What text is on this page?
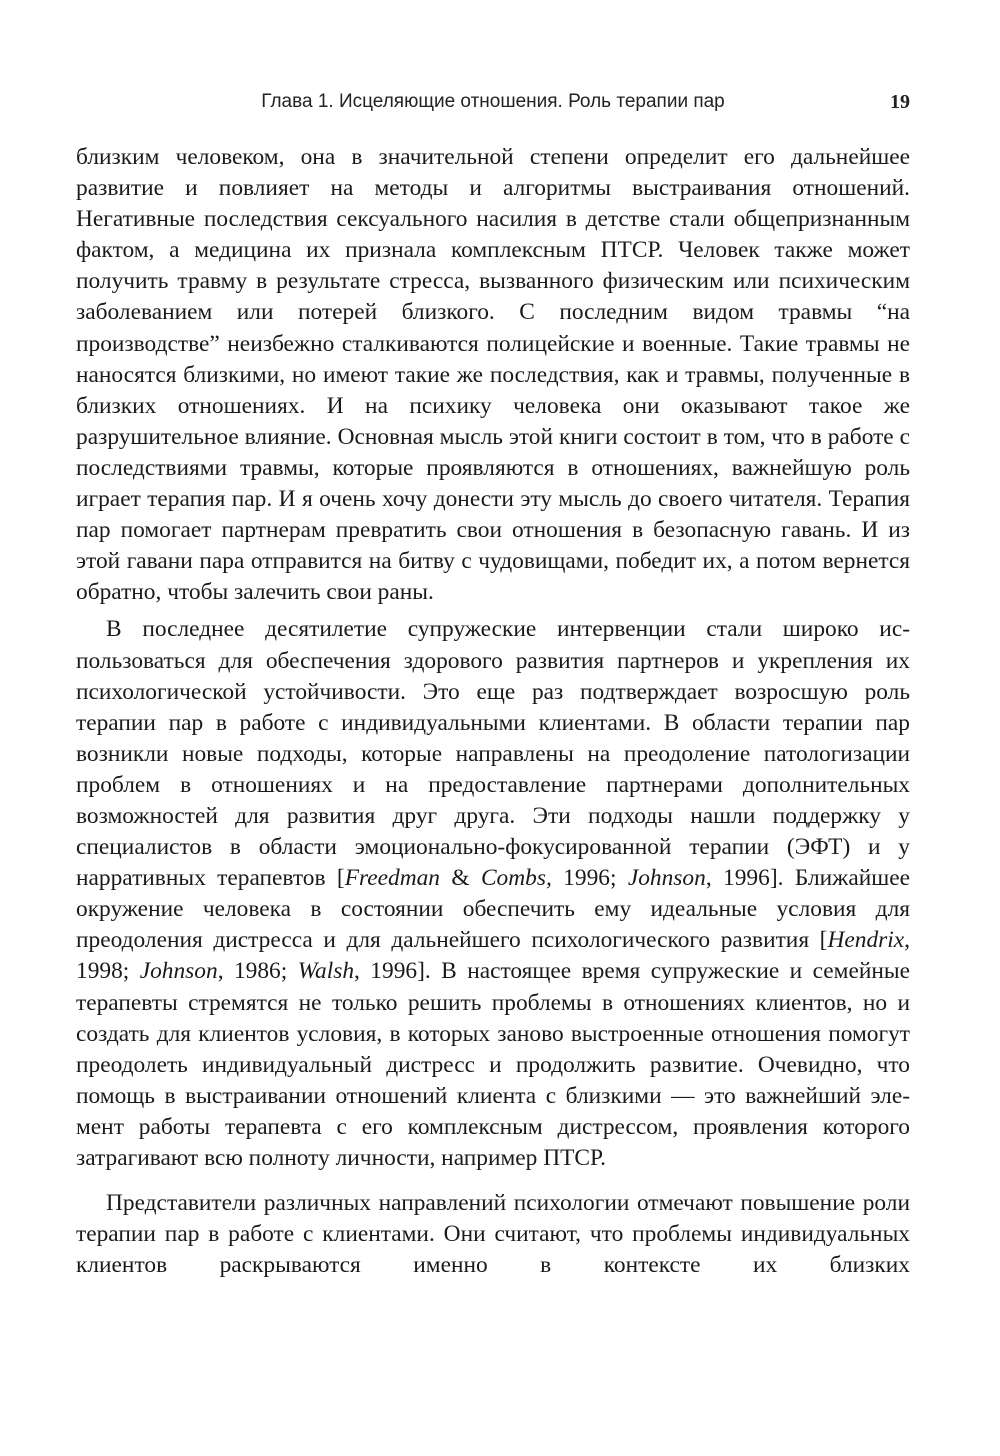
Глава 1. Исцеляющие отношения. Роль терапии пар	19

близким человеком, она в значительной степени определит его дальнейшее развитие и повлияет на методы и алгоритмы выстраивания отношений. Негативные последствия сексуального насилия в детстве стали общепризнанным фактом, а медицина их признала комплексным ПТСР. Человек также может получить травму в результате стресса, вызванного физическим или психическим заболеванием или потерей близкого. С последним видом травмы “на производстве” неизбежно сталкиваются полицейские и военные. Такие травмы не наносятся близкими, но имеют такие же последствия, как и травмы, полученные в близких отношениях. И на психику человека они оказывают такое же разрушительное влияние. Основная мысль этой книги состоит в том, что в работе с последствиями травмы, которые проявляются в отношениях, важнейшую роль играет терапия пар. И я очень хочу донести эту мысль до своего читателя. Терапия пар помогает партнерам превратить свои отношения в безопасную гавань. И из этой гавани пара отправится на битву с чудовищами, победит их, а потом вернется обратно, чтобы залечить свои раны.

В последнее десятилетие супружеские интервенции стали широко использоваться для обеспечения здорового развития партнеров и укрепления их психологической устойчивости. Это еще раз подтверждает возросшую роль терапии пар в работе с индивидуальными клиентами. В области терапии пар возникли новые подходы, которые направлены на преодоление патологизации проблем в отношениях и на предоставление партнерами дополнительных возможностей для развития друг друга. Эти подходы нашли поддержку у специалистов в области эмоционально-фокусированной терапии (ЭФТ) и у нарративных терапевтов [Freedman & Combs, 1996; Johnson, 1996]. Ближайшее окружение человека в состоянии обеспечить ему идеальные условия для преодоления дистресса и для дальнейшего психологического развития [Hendrix, 1998; Johnson, 1986; Walsh, 1996]. В настоящее время супружеские и семейные терапевты стремятся не только решить проблемы в отношениях клиентов, но и создать для клиентов условия, в которых заново выстроенные отношения помогут преодолеть индивидуальный дистресс и продолжить развитие. Очевидно, что помощь в выстраивании отношений клиента с близкими — это важнейший элемент работы терапевта с его комплексным дистрессом, проявления которого затрагивают всю полноту личности, например ПТСР.

Представители различных направлений психологии отмечают повышение роли терапии пар в работе с клиентами. Они считают, что проблемы индивидуальных клиентов раскрываются именно в контексте их близких
